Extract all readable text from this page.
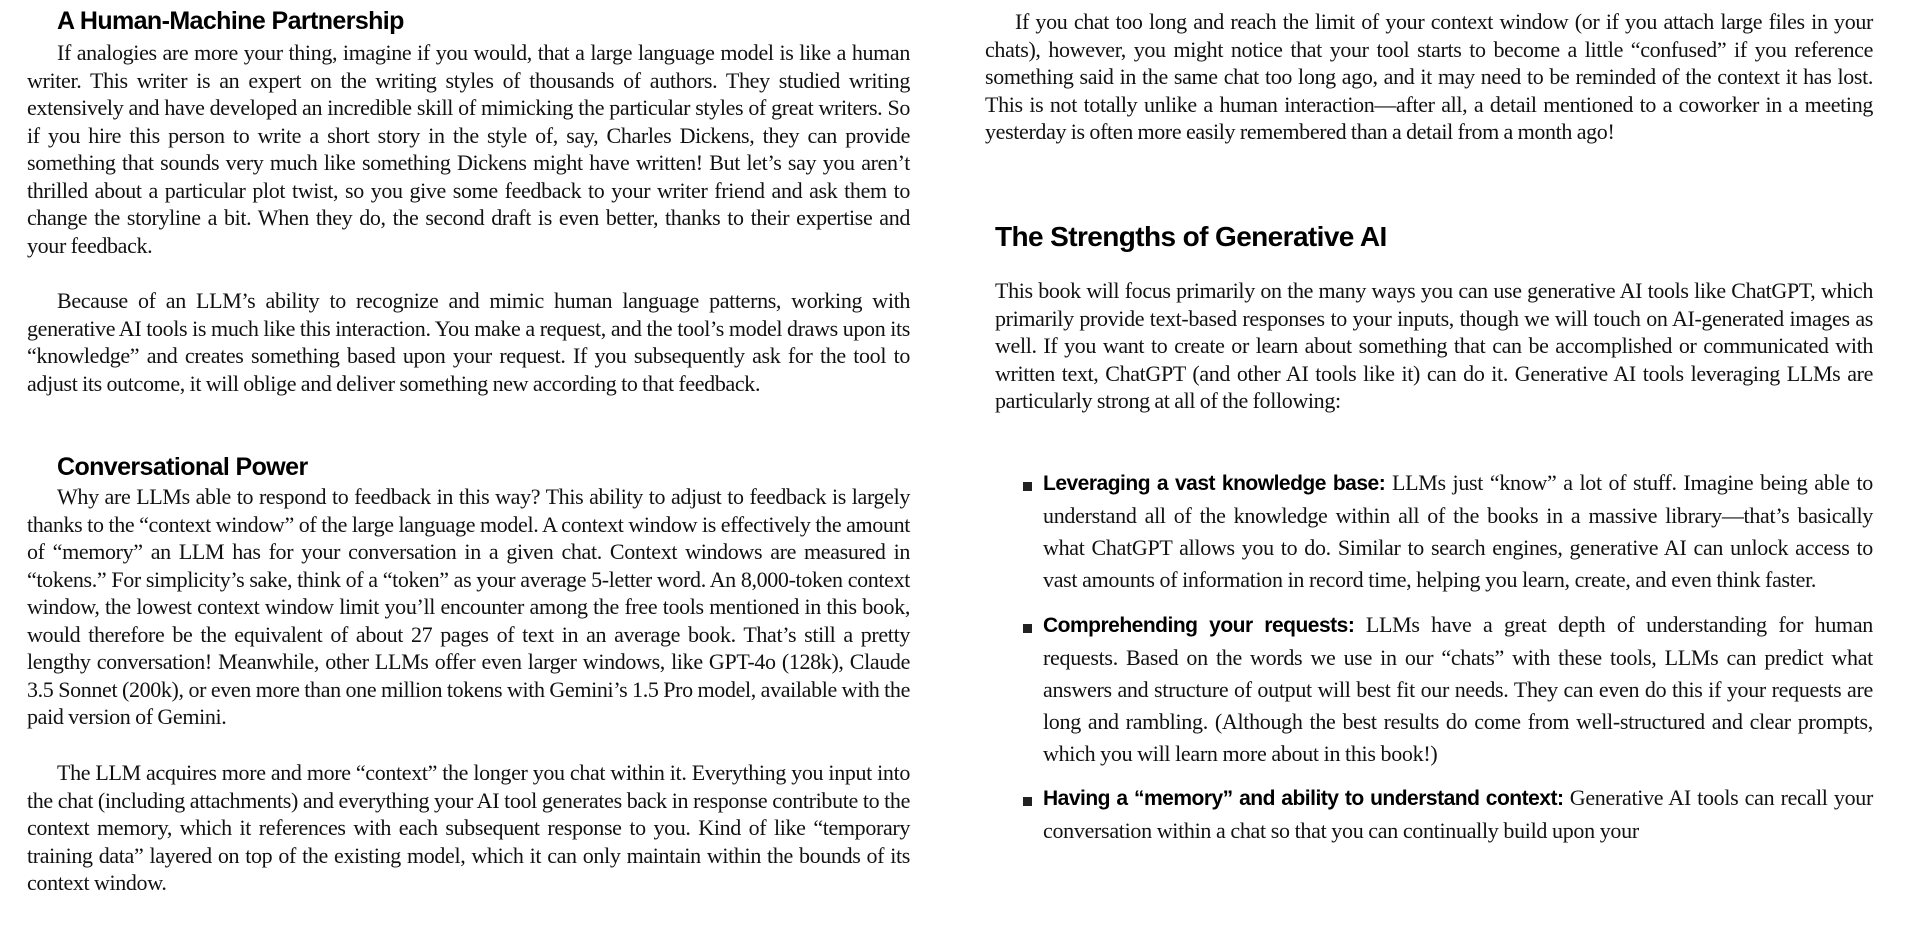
A Human-Machine Partnership

If analogies are more your thing, imagine if you would, that a large language model is like a human writer. This writer is an expert on the writing styles of thousands of authors. They studied writing extensively and have developed an incredible skill of mimicking the particular styles of great writers. So if you hire this person to write a short story in the style of, say, Charles Dickens, they can provide something that sounds very much like something Dickens might have written! But let’s say you aren’t thrilled about a particular plot twist, so you give some feedback to your writer friend and ask them to change the storyline a bit. When they do, the second draft is even better, thanks to their expertise and your feedback.

Because of an LLM’s ability to recognize and mimic human language patterns, working with generative AI tools is much like this interaction. You make a request, and the tool’s model draws upon its “knowledge” and creates something based upon your request. If you subsequently ask for the tool to adjust its outcome, it will oblige and deliver something new according to that feedback.

Conversational Power

Why are LLMs able to respond to feedback in this way? This ability to adjust to feedback is largely thanks to the “context window” of the large language model. A context window is effectively the amount of “memory” an LLM has for your conversation in a given chat. Context windows are measured in “tokens.” For simplicity’s sake, think of a “token” as your average 5-letter word. An 8,000-token context window, the lowest context window limit you’ll encounter among the free tools mentioned in this book, would therefore be the equivalent of about 27 pages of text in an average book. That’s still a pretty lengthy conversation! Meanwhile, other LLMs offer even larger windows, like GPT-4o (128k), Claude 3.5 Sonnet (200k), or even more than one million tokens with Gemini’s 1.5 Pro model, available with the paid version of Gemini.

The LLM acquires more and more “context” the longer you chat within it. Everything you input into the chat (including attachments) and everything your AI tool generates back in response contribute to the context memory, which it references with each subsequent response to you. Kind of like “temporary training data” layered on top of the existing model, which it can only maintain within the bounds of its context window.

If you chat too long and reach the limit of your context window (or if you attach large files in your chats), however, you might notice that your tool starts to become a little “confused” if you reference something said in the same chat too long ago, and it may need to be reminded of the context it has lost. This is not totally unlike a human interaction—after all, a detail mentioned to a coworker in a meeting yesterday is often more easily remembered than a detail from a month ago!

The Strengths of Generative AI

This book will focus primarily on the many ways you can use generative AI tools like ChatGPT, which primarily provide text-based responses to your inputs, though we will touch on AI-generated images as well. If you want to create or learn about something that can be accomplished or communicated with written text, ChatGPT (and other AI tools like it) can do it. Generative AI tools leveraging LLMs are particularly strong at all of the following:

Leveraging a vast knowledge base: LLMs just “know” a lot of stuff. Imagine being able to understand all of the knowledge within all of the books in a massive library—that’s basically what ChatGPT allows you to do. Similar to search engines, generative AI can unlock access to vast amounts of information in record time, helping you learn, create, and even think faster.
Comprehending your requests: LLMs have a great depth of understanding for human requests. Based on the words we use in our “chats” with these tools, LLMs can predict what answers and structure of output will best fit our needs. They can even do this if your requests are long and rambling. (Although the best results do come from well-structured and clear prompts, which you will learn more about in this book!)
Having a “memory” and ability to understand context: Generative AI tools can recall your conversation within a chat so that you can continually build upon your
